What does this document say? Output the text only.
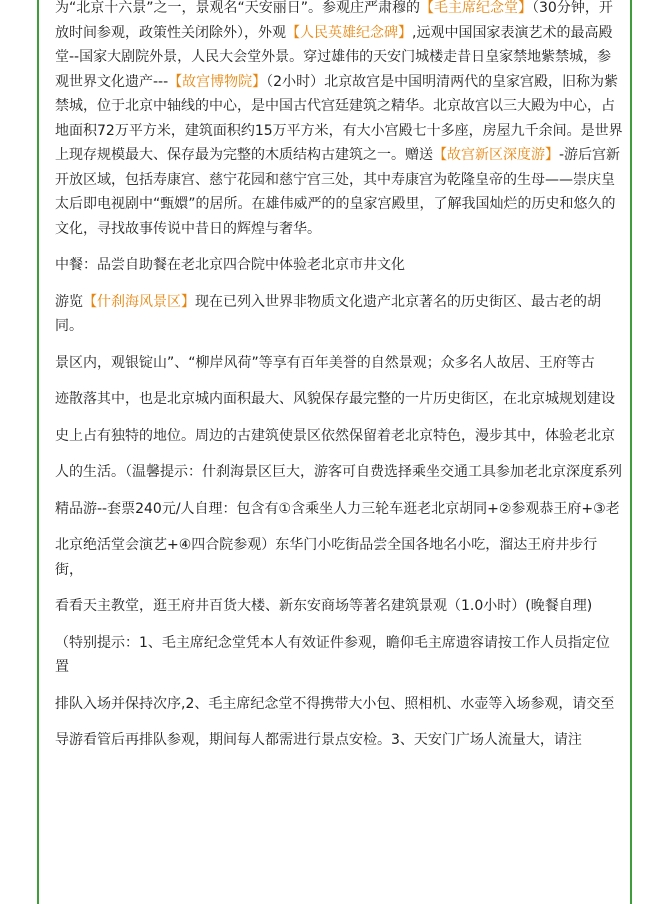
为“北京十六景”之一，景观名“天安丽日”。参观庄严肃穆的【毛主席纪念堂】（30分钟，开放时间参观，政策性关闭除外），外观【人民英雄纪念碑】,远观中国国家表演艺术的最高殿堂--国家大剧院外景，人民大会堂外景。穿过雄伟的天安门城楼走昔日皇家禁地紫禁城，参观世界文化遗产---【故宫博物院】（2小时）北京故宫是中国明清两代的皇家宫殿，旧称为紫禁城，位于北京中轴线的中心，是中国古代宫廷建筑之精华。北京故宫以三大殿为中心，占地面积72万平方米，建筑面积约15万平方米，有大小宫殿七十多座，房屋九千余间。是世界上现存规模最大、保存最为完整的木质结构古建筑之一。赠送【故宫新区深度游】-游后宫新开放区域，包括寿康宫、慈宁花园和慈宁宫三处，其中寿康宫为乾隆皇帝的生母——崇庆皇太后即电视剧中“甄嬛”的居所。在雄伟威严的的皇家宫殿里，了解我国灿烂的历史和悠久的文化，寻找故事传说中昔日的辉煌与奢华。

中餐：品尝自助餐在老北京四合院中体验老北京市井文化

游览【什刹海风景区】现在已列入世界非物质文化遗产北京著名的历史街区、最古老的胡同。

景区内，观银锭山”、“柳岸风荷”等享有百年美誉的自然景观；众多名人故居、王府等古

迹散落其中，也是北京城内面积最大、风貌保存最完整的一片历史街区，在北京城规划建设

史上占有独特的地位。周边的古建筑使景区依然保留着老北京特色，漫步其中，体验老北京

人的生活。（温馨提示：什刹海景区巨大，游客可自费选择乘坐交通工具参加老北京深度系列

精品游--套票240元/人自理：包含有①含乘坐人力三轮车逛老北京胡同+②参观恭王府+③老

北京绝活堂会演艺+④四合院参观）东华门小吃街品尝全国各地名小吃，溜达王府井步行街，

看看天主教堂，逛王府井百货大楼、新东安商场等著名建筑景观（1.0小时）(晚餐自理)

（特别提示：1、毛主席纪念堂凭本人有效证件参观，瞻仰毛主席遗容请按工作人员指定位置

排队入场并保持次序,2、毛主席纪念堂不得携带大小包、照相机、水壶等入场参观，请交至

导游看管后再排队参观，期间每人都需进行景点安检。3、天安门广场人流量大，请注
